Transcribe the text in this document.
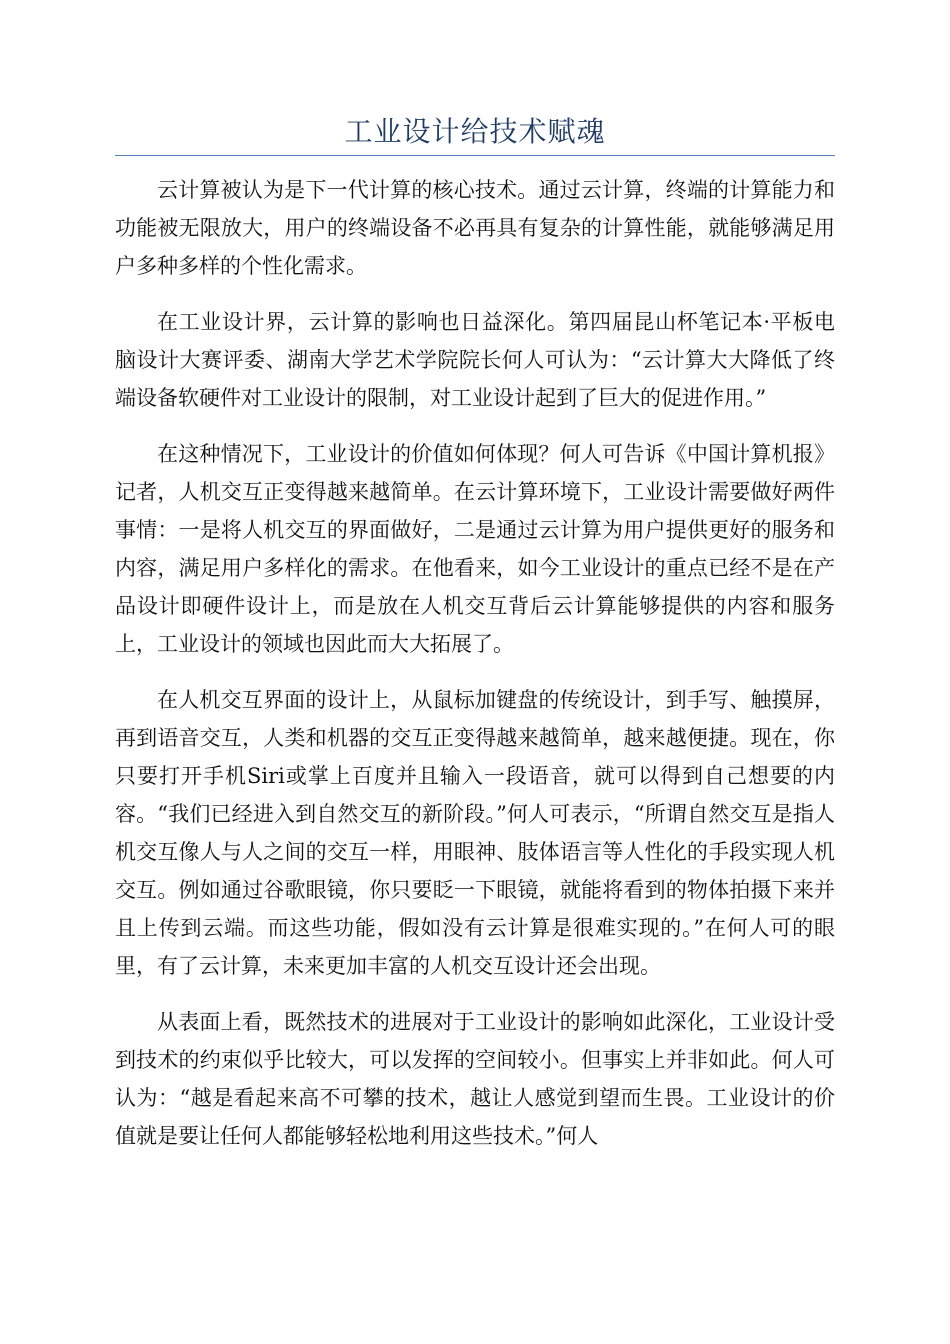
工业设计给技术赋魂

云计算被认为是下一代计算的核心技术。通过云计算，终端的计算能力和功能被无限放大，用户的终端设备不必再具有复杂的计算性能，就能够满足用户多种多样的个性化需求。

在工业设计界，云计算的影响也日益深化。第四届昆山杯笔记本·平板电脑设计大赛评委、湖南大学艺术学院院长何人可认为：“云计算大大降低了终端设备软硬件对工业设计的限制，对工业设计起到了巨大的促进作用。”

在这种情况下，工业设计的价值如何体现？何人可告诉《中国计算机报》记者，人机交互正变得越来越简单。在云计算环境下，工业设计需要做好两件事情：一是将人机交互的界面做好，二是通过云计算为用户提供更好的服务和内容，满足用户多样化的需求。在他看来，如今工业设计的重点已经不是在产品设计即硬件设计上，而是放在人机交互背后云计算能够提供的内容和服务上，工业设计的领域也因此而大大拓展了。

在人机交互界面的设计上，从鼠标加键盘的传统设计，到手写、触摸屏，再到语音交互，人类和机器的交互正变得越来越简单，越来越便捷。现在，你只要打开手机Siri或掌上百度并且输入一段语音，就可以得到自己想要的内容。“我们已经进入到自然交互的新阶段。”何人可表示，“所谓自然交互是指人机交互像人与人之间的交互一样，用眼神、肢体语言等人性化的手段实现人机交互。例如通过谷歌眼镜，你只要眨一下眼镜，就能将看到的物体拍摄下来并且上传到云端。而这些功能，假如没有云计算是很难实现的。”在何人可的眼里，有了云计算，未来更加丰富的人机交互设计还会出现。

从表面上看，既然技术的进展对于工业设计的影响如此深化，工业设计受到技术的约束似乎比较大，可以发挥的空间较小。但事实上并非如此。何人可认为：“越是看起来高不可攀的技术，越让人感觉到望而生畏。工业设计的价值就是要让任何人都能够轻松地利用这些技术。”何人
